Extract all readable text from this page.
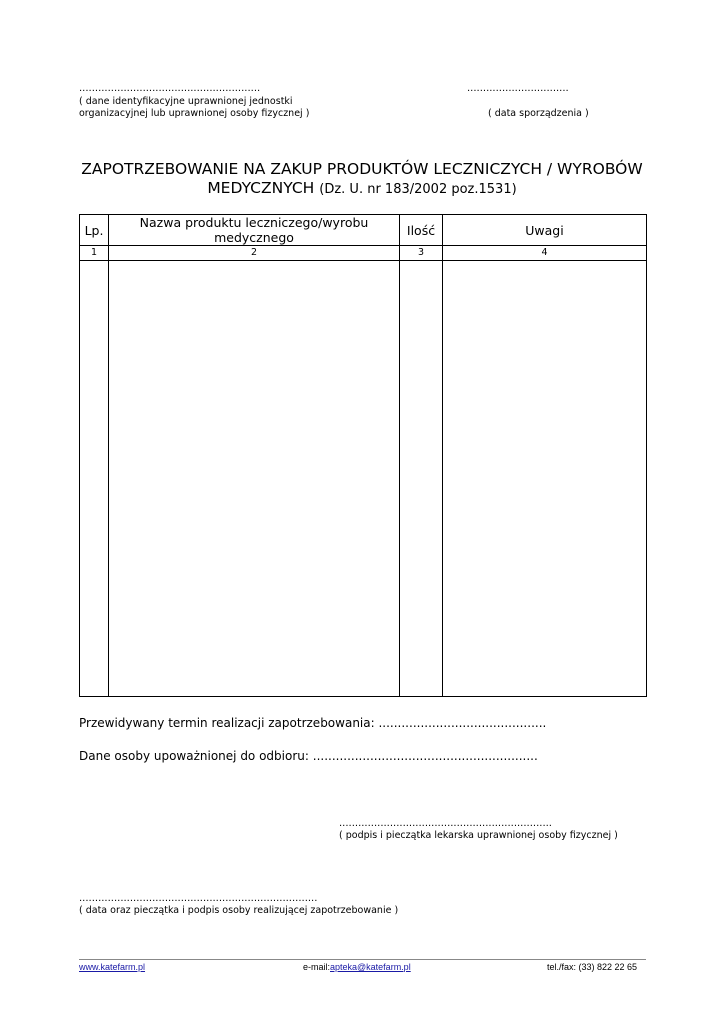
.........................................................
( dane identyfikacyjne uprawnionej jednostki
organizacyjnej lub uprawnionej osoby fizycznej )
................................
( data sporządzenia )
ZAPOTRZEBOWANIE NA ZAKUP PRODUKTÓW LECZNICZYCH / WYROBÓW
MEDYCZNYCH (Dz. U. nr 183/2002 poz.1531)
Lp.	Nazwa produktu leczniczego/wyrobu medycznego	Ilość	Uwagi
1	2	3	4

Przewidywany termin realizacji zapotrzebowania: ............................................
Dane osoby upoważnionej do odbioru: ...........................................................
...................................................................
( podpis i pieczątka lekarska uprawnionej osoby fizycznej )
...........................................................................
( data oraz pieczątka i podpis osoby realizującej zapotrzebowanie )
www.katefarm.pl	e-mail:apteka@katefarm.pl	tel./fax: (33) 822 22 65
